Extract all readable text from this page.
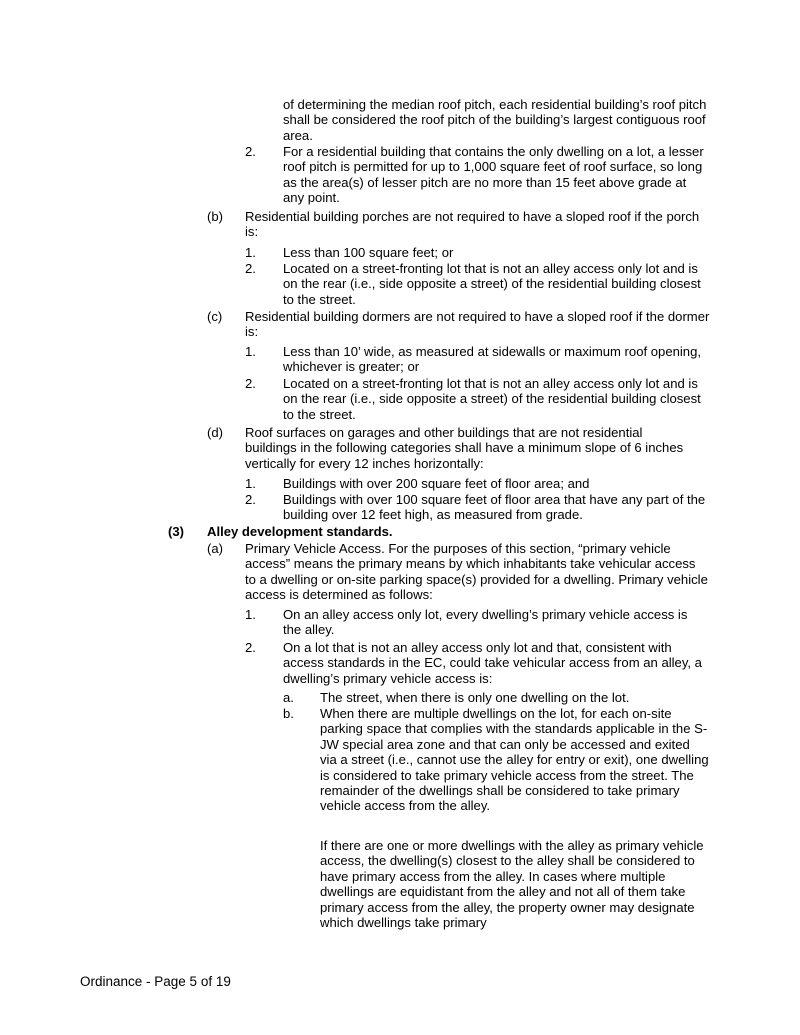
of determining the median roof pitch, each residential building’s roof pitch shall be considered the roof pitch of the building’s largest contiguous roof area.

2. For a residential building that contains the only dwelling on a lot, a lesser roof pitch is permitted for up to 1,000 square feet of roof surface, so long as the area(s) of lesser pitch are no more than 15 feet above grade at any point.
(b) Residential building porches are not required to have a sloped roof if the porch is:
1. Less than 100 square feet; or
2. Located on a street-fronting lot that is not an alley access only lot and is on the rear (i.e., side opposite a street) of the residential building closest to the street.
(c) Residential building dormers are not required to have a sloped roof if the dormer is:
1. Less than 10’ wide, as measured at sidewalls or maximum roof opening, whichever is greater; or
2. Located on a street-fronting lot that is not an alley access only lot and is on the rear (i.e., side opposite a street) of the residential building closest to the street.
(d) Roof surfaces on garages and other buildings that are not residential buildings in the following categories shall have a minimum slope of 6 inches vertically for every 12 inches horizontally:
1. Buildings with over 200 square feet of floor area; and
2. Buildings with over 100 square feet of floor area that have any part of the building over 12 feet high, as measured from grade.
(3) Alley development standards.
(a) Primary Vehicle Access. For the purposes of this section, “primary vehicle access” means the primary means by which inhabitants take vehicular access to a dwelling or on-site parking space(s) provided for a dwelling. Primary vehicle access is determined as follows:
1. On an alley access only lot, every dwelling’s primary vehicle access is the alley.
2. On a lot that is not an alley access only lot and that, consistent with access standards in the EC, could take vehicular access from an alley, a dwelling’s primary vehicle access is:
a. The street, when there is only one dwelling on the lot.
b. When there are multiple dwellings on the lot, for each on-site parking space that complies with the standards applicable in the S-JW special area zone and that can only be accessed and exited via a street (i.e., cannot use the alley for entry or exit), one dwelling is considered to take primary vehicle access from the street. The remainder of the dwellings shall be considered to take primary vehicle access from the alley.

If there are one or more dwellings with the alley as primary vehicle access, the dwelling(s) closest to the alley shall be considered to have primary access from the alley. In cases where multiple dwellings are equidistant from the alley and not all of them take primary access from the alley, the property owner may designate which dwellings take primary

Ordinance - Page 5 of 19
